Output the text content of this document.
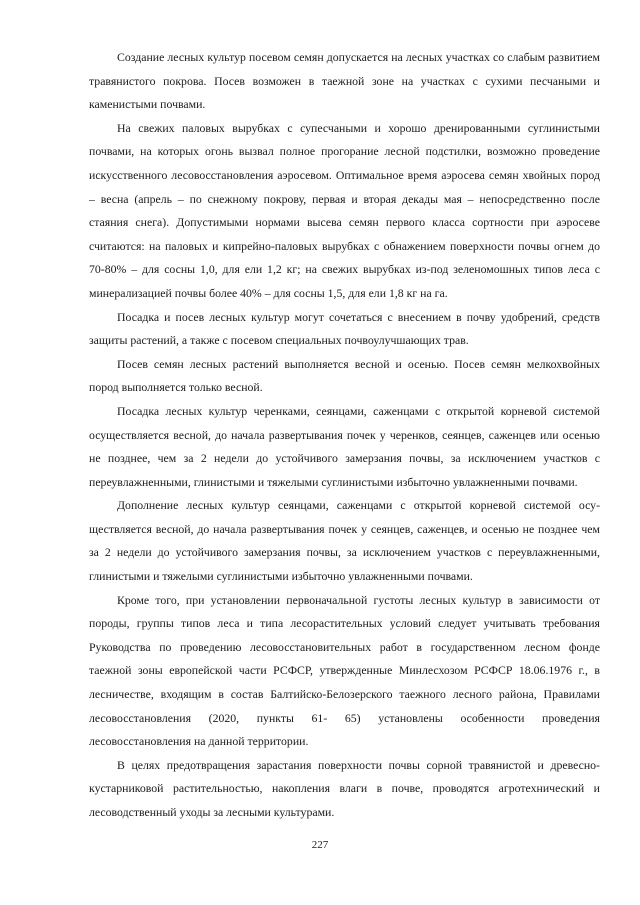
Создание лесных культур посевом семян допускается на лесных участках со слабым развитием травянистого покрова. Посев возможен в таежной зоне на участках с сухими песчаными и каменистыми почвами.

На свежих паловых вырубках с супесчаными и хорошо дренированными суглинистыми почвами, на которых огонь вызвал полное прогорание лесной подстилки, возможно проведение искусственного лесовосстановления аэросевом. Оптимальное время аэросева семян хвойных пород – весна (апрель – по снежному покрову, первая и вторая декады мая – непосредственно после стаяния снега). Допустимыми нормами высева семян первого класса сортности при аэросеве считаются: на паловых и кипрейно-паловых вырубках с обнажением поверхности почвы огнем до 70-80% – для сосны 1,0, для ели 1,2 кг; на свежих вырубках из-под зеленомошных типов леса с минерализацией почвы более 40% – для сосны 1,5, для ели 1,8 кг на га.

Посадка и посев лесных культур могут сочетаться с внесением в почву удобрений, средств защиты растений, а также с посевом специальных почвоулучшающих трав.

Посев семян лесных растений выполняется весной и осенью. Посев семян мелкохвойных пород выполняется только весной.

Посадка лесных культур черенками, сеянцами, саженцами с открытой корневой системой осуществляется весной, до начала развертывания почек у черенков, сеянцев, саженцев или осенью не позднее, чем за 2 недели до устойчивого замерзания почвы, за исключением участков с переувлажненными, глинистыми и тяжелыми суглинистыми избыточно увлажненными почвами.

Дополнение лесных культур сеянцами, саженцами с открытой корневой системой осуществляется весной, до начала развертывания почек у сеянцев, саженцев, и осенью не позднее чем за 2 недели до устойчивого замерзания почвы, за исключением участков с переувлажненными, глинистыми и тяжелыми суглинистыми избыточно увлажненными почвами.

Кроме того, при установлении первоначальной густоты лесных культур в зависимости от породы, группы типов леса и типа лесорастительных условий следует учитывать требования Руководства по проведению лесовосстановительных работ в государственном лесном фонде таежной зоны европейской части РСФСР, утвержденные Минлесхозом РСФСР 18.06.1976 г., в лесничестве, входящим в состав Балтийско-Белозерского таежного лесного района, Правилами лесовосстановления (2020, пункты 61- 65) установлены особенности проведения лесовосстановления на данной территории.

В целях предотвращения зарастания поверхности почвы сорной травянистой и древесно-кустарниковой растительностью, накопления влаги в почве, проводятся агротехнический и лесоводственный уходы за лесными культурами.

227
